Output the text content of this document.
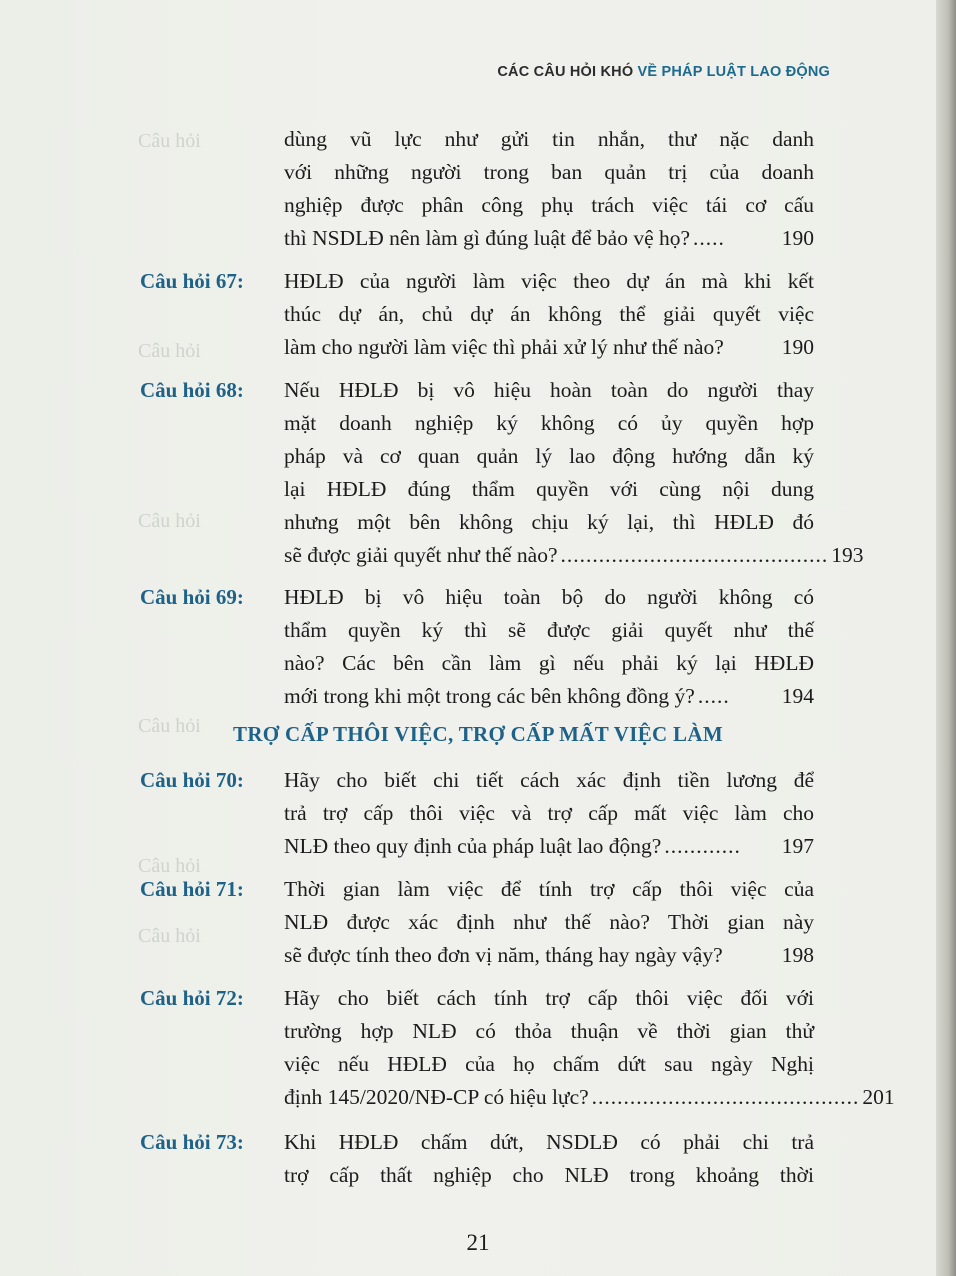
Câu hỏi
Câu hỏi
Câu hỏi
Câu hỏi
Câu hỏi
Câu hỏi
CÁC CÂU HỎI KHÓ VỀ PHÁP LUẬT LAO ĐỘNG
dùng vũ lực như gửi tin nhắn, thư nặc danh
với những người trong ban quản trị của doanh
nghiệp được phân công phụ trách việc tái cơ cấu
thì NSDLĐ nên làm gì đúng luật để bảo vệ họ? .....	190
Câu hỏi 67: HĐLĐ của người làm việc theo dự án mà khi kết
thúc dự án, chủ dự án không thể giải quyết việc
làm cho người làm việc thì phải xử lý như thế nào?	190
Câu hỏi 68: Nếu HĐLĐ bị vô hiệu hoàn toàn do người thay
mặt doanh nghiệp ký không có ủy quyền hợp
pháp và cơ quan quản lý lao động hướng dẫn ký
lại HĐLĐ đúng thẩm quyền với cùng nội dung
nhưng một bên không chịu ký lại, thì HĐLĐ đó
sẽ được giải quyết như thế nào? .......................................... 193
Câu hỏi 69: HĐLĐ bị vô hiệu toàn bộ do người không có
thẩm quyền ký thì sẽ được giải quyết như thế
nào? Các bên cần làm gì nếu phải ký lại HĐLĐ
mới trong khi một trong các bên không đồng ý? .....	194
TRỢ CẤP THÔI VIỆC, TRỢ CẤP MẤT VIỆC LÀM
Câu hỏi 70: Hãy cho biết chi tiết cách xác định tiền lương để
trả trợ cấp thôi việc và trợ cấp mất việc làm cho
NLĐ theo quy định của pháp luật lao động? ............	197
Câu hỏi 71: Thời gian làm việc để tính trợ cấp thôi việc của
NLĐ được xác định như thế nào? Thời gian này
sẽ được tính theo đơn vị năm, tháng hay ngày vậy?	198
Câu hỏi 72: Hãy cho biết cách tính trợ cấp thôi việc đối với
trường hợp NLĐ có thỏa thuận về thời gian thử
việc nếu HĐLĐ của họ chấm dứt sau ngày Nghị
định 145/2020/NĐ-CP có hiệu lực? .......................................... 201
Câu hỏi 73: Khi HĐLĐ chấm dứt, NSDLĐ có phải chi trả
trợ cấp thất nghiệp cho NLĐ trong khoảng thời
21
